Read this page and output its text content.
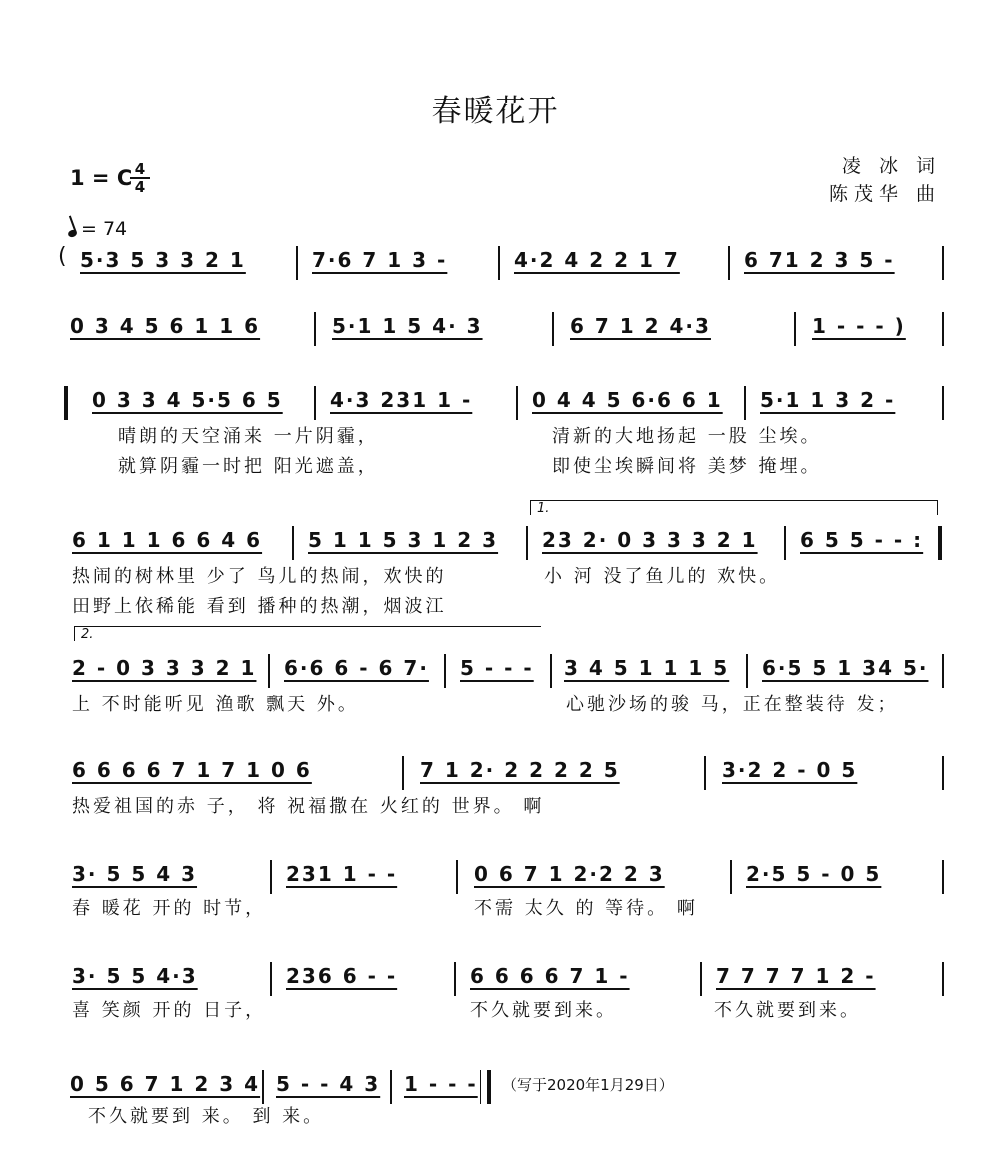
春暖花开
凌 冰 词
陈茂华 曲
1 = C 4
4
= 74
( 5·3 5 3 3 2 1	7·6 7 1 3 -	4·2 4 2 2 1 7	6 71 2 3 5 -
0 3 4 5 6 1 1 6	5·1 1 5 4· 3	6 7 1 2 4·3	1 - - - )
0 3 3 4 5·5 6 5 4·3 231 1 -	0 4 4 5 6·6 6 1 5·1 1 3 2 -
晴朗的天空涌来 一片阴霾，	清新的大地扬起 一股 尘埃。
就算阴霾一时把 阳光遮盖，	即使尘埃瞬间将 美梦 掩埋。
1.
6 1 1 1 6 6 4 6 5 1 1 5 3 1 2 3 23 2· 0 3 3 3 2 1 6 5 5 - - :
热闹的树林里 少了 鸟儿的热闹，欢快的	小 河 没了鱼儿的 欢快。
田野上依稀能 看到 播种的热潮，烟波江
2.
2 - 0 3 3 3 2 1 6·6 6 - 6 7· 5 - - - 3 4 5 1 1 1 5 6·5 5 1 34 5·
上 不时能听见 渔歌 飘天 外。	心驰沙场的骏 马，正在整装待 发；
6 6 6 6 7 1 7 1 0 6	7 1 2· 2 2 2 2 5	3·2 2 - 0 5
热爱祖国的赤 子， 将 祝福撒在 火红的 世界。 啊
3· 5 5 4 3	231 1 - -	0 6 7 1 2·2 2 3	2·5 5 - 0 5
春 暖花 开的 时节，	不需 太久 的 等待。 啊
3· 5 5 4·3	236 6 - -	6 6 6 6 7 1 -	7 7 7 7 1 2 -
喜 笑颜 开的 日子，	不久就要到来。	不久就要到来。
0 5 6 7 1 2 3 4 5 - - 4 3 1 - - - （写于2020年1月29日）
不久就要到 来。 到 来。
